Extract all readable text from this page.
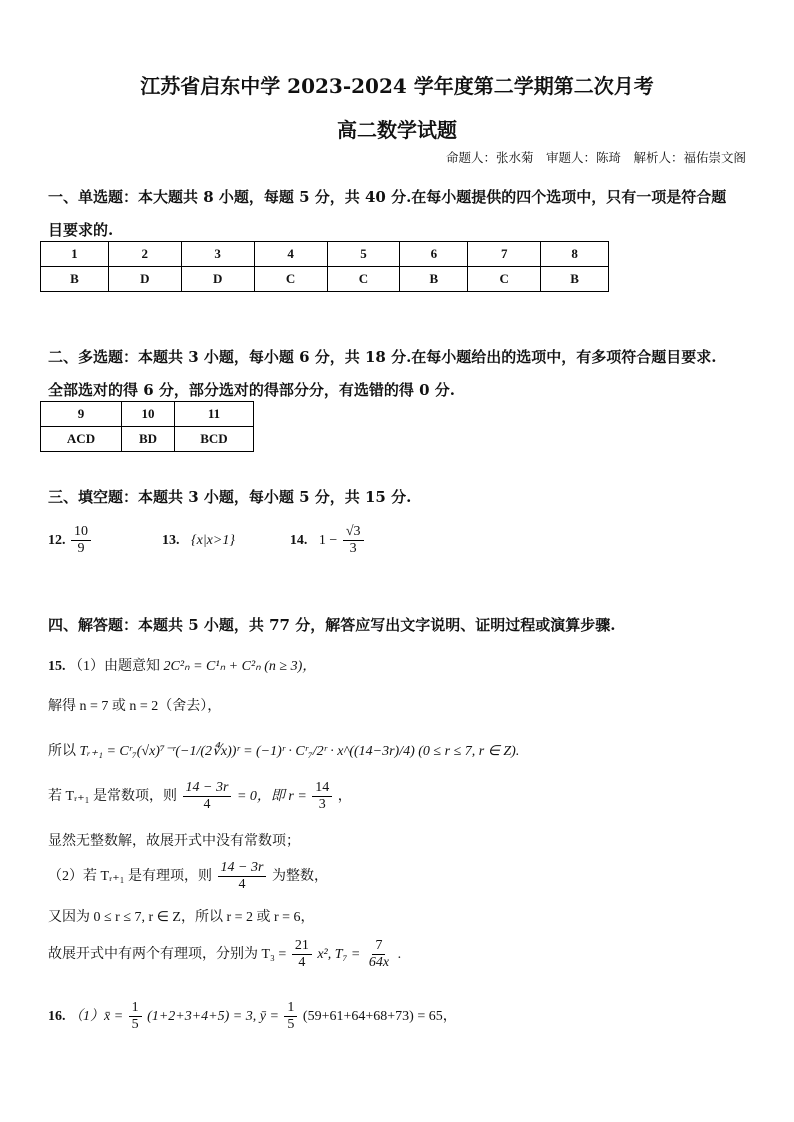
江苏省启东中学 2023-2024 学年度第二学期第二次月考
高二数学试题
命题人：张水菊　审题人：陈琦　解析人：福佑崇文阁
一、单选题：本大题共 8 小题，每题 5 分，共 40 分.在每小题提供的四个选项中，只有一项是符合题
目要求的.
1	2	3	4	5	6	7	8
B	D	D	C	C	B	C	B
二、多选题：本题共 3 小题，每小题 6 分，共 18 分.在每小题给出的选项中，有多项符合题目要求.
全部选对的得 6 分，部分选对的得部分分，有选错的得 0 分.
9	10	11
ACD	BD	BCD
三、填空题：本题共 3 小题，每小题 5 分，共 15 分.
12. $\frac{10}{9}$	13. {x|x>1}	14. $1 - \frac{√3}{3}$
四、解答题：本题共 5 小题，共 77 分，解答应写出文字说明、证明过程或演算步骤.
15. （1）由题意知 2C²ₙ = C¹ₙ + C²ₙ (n ≥ 3)，
解得 n = 7 或 n = 2（舍去），
所以 Tᵣ₊₁ = Cʳ₇(√x)⁷⁻ʳ(−1/(2∜x))ʳ = (−1)ʳ · Cʳ₇/2ʳ · x^((14−3r)/4) (0 ≤ r ≤ 7, r ∈ Z).
若 Tᵣ₊₁ 是常数项，则 $\frac{14 - 3r}{4} = 0$，即 $r = \frac{14}{3}$ ，
显然无整数解，故展开式中没有常数项；
（2）若 Tᵣ₊₁ 是有理项，则 $\frac{14 - 3r}{4}$ 为整数，
又因为 0 ≤ r ≤ 7, r ∈ Z，所以 r = 2 或 r = 6，
故展开式中有两个有理项，分别为 $T_3 = \frac{21}{4} x^2$, $T_7 = \frac{7}{64x}$ .
16. （1）x̄ = $\frac{1}{5} (1+2+3+4+5) = 3$, ȳ = $\frac{1}{5} (59+61+64+68+73) = 65$，
